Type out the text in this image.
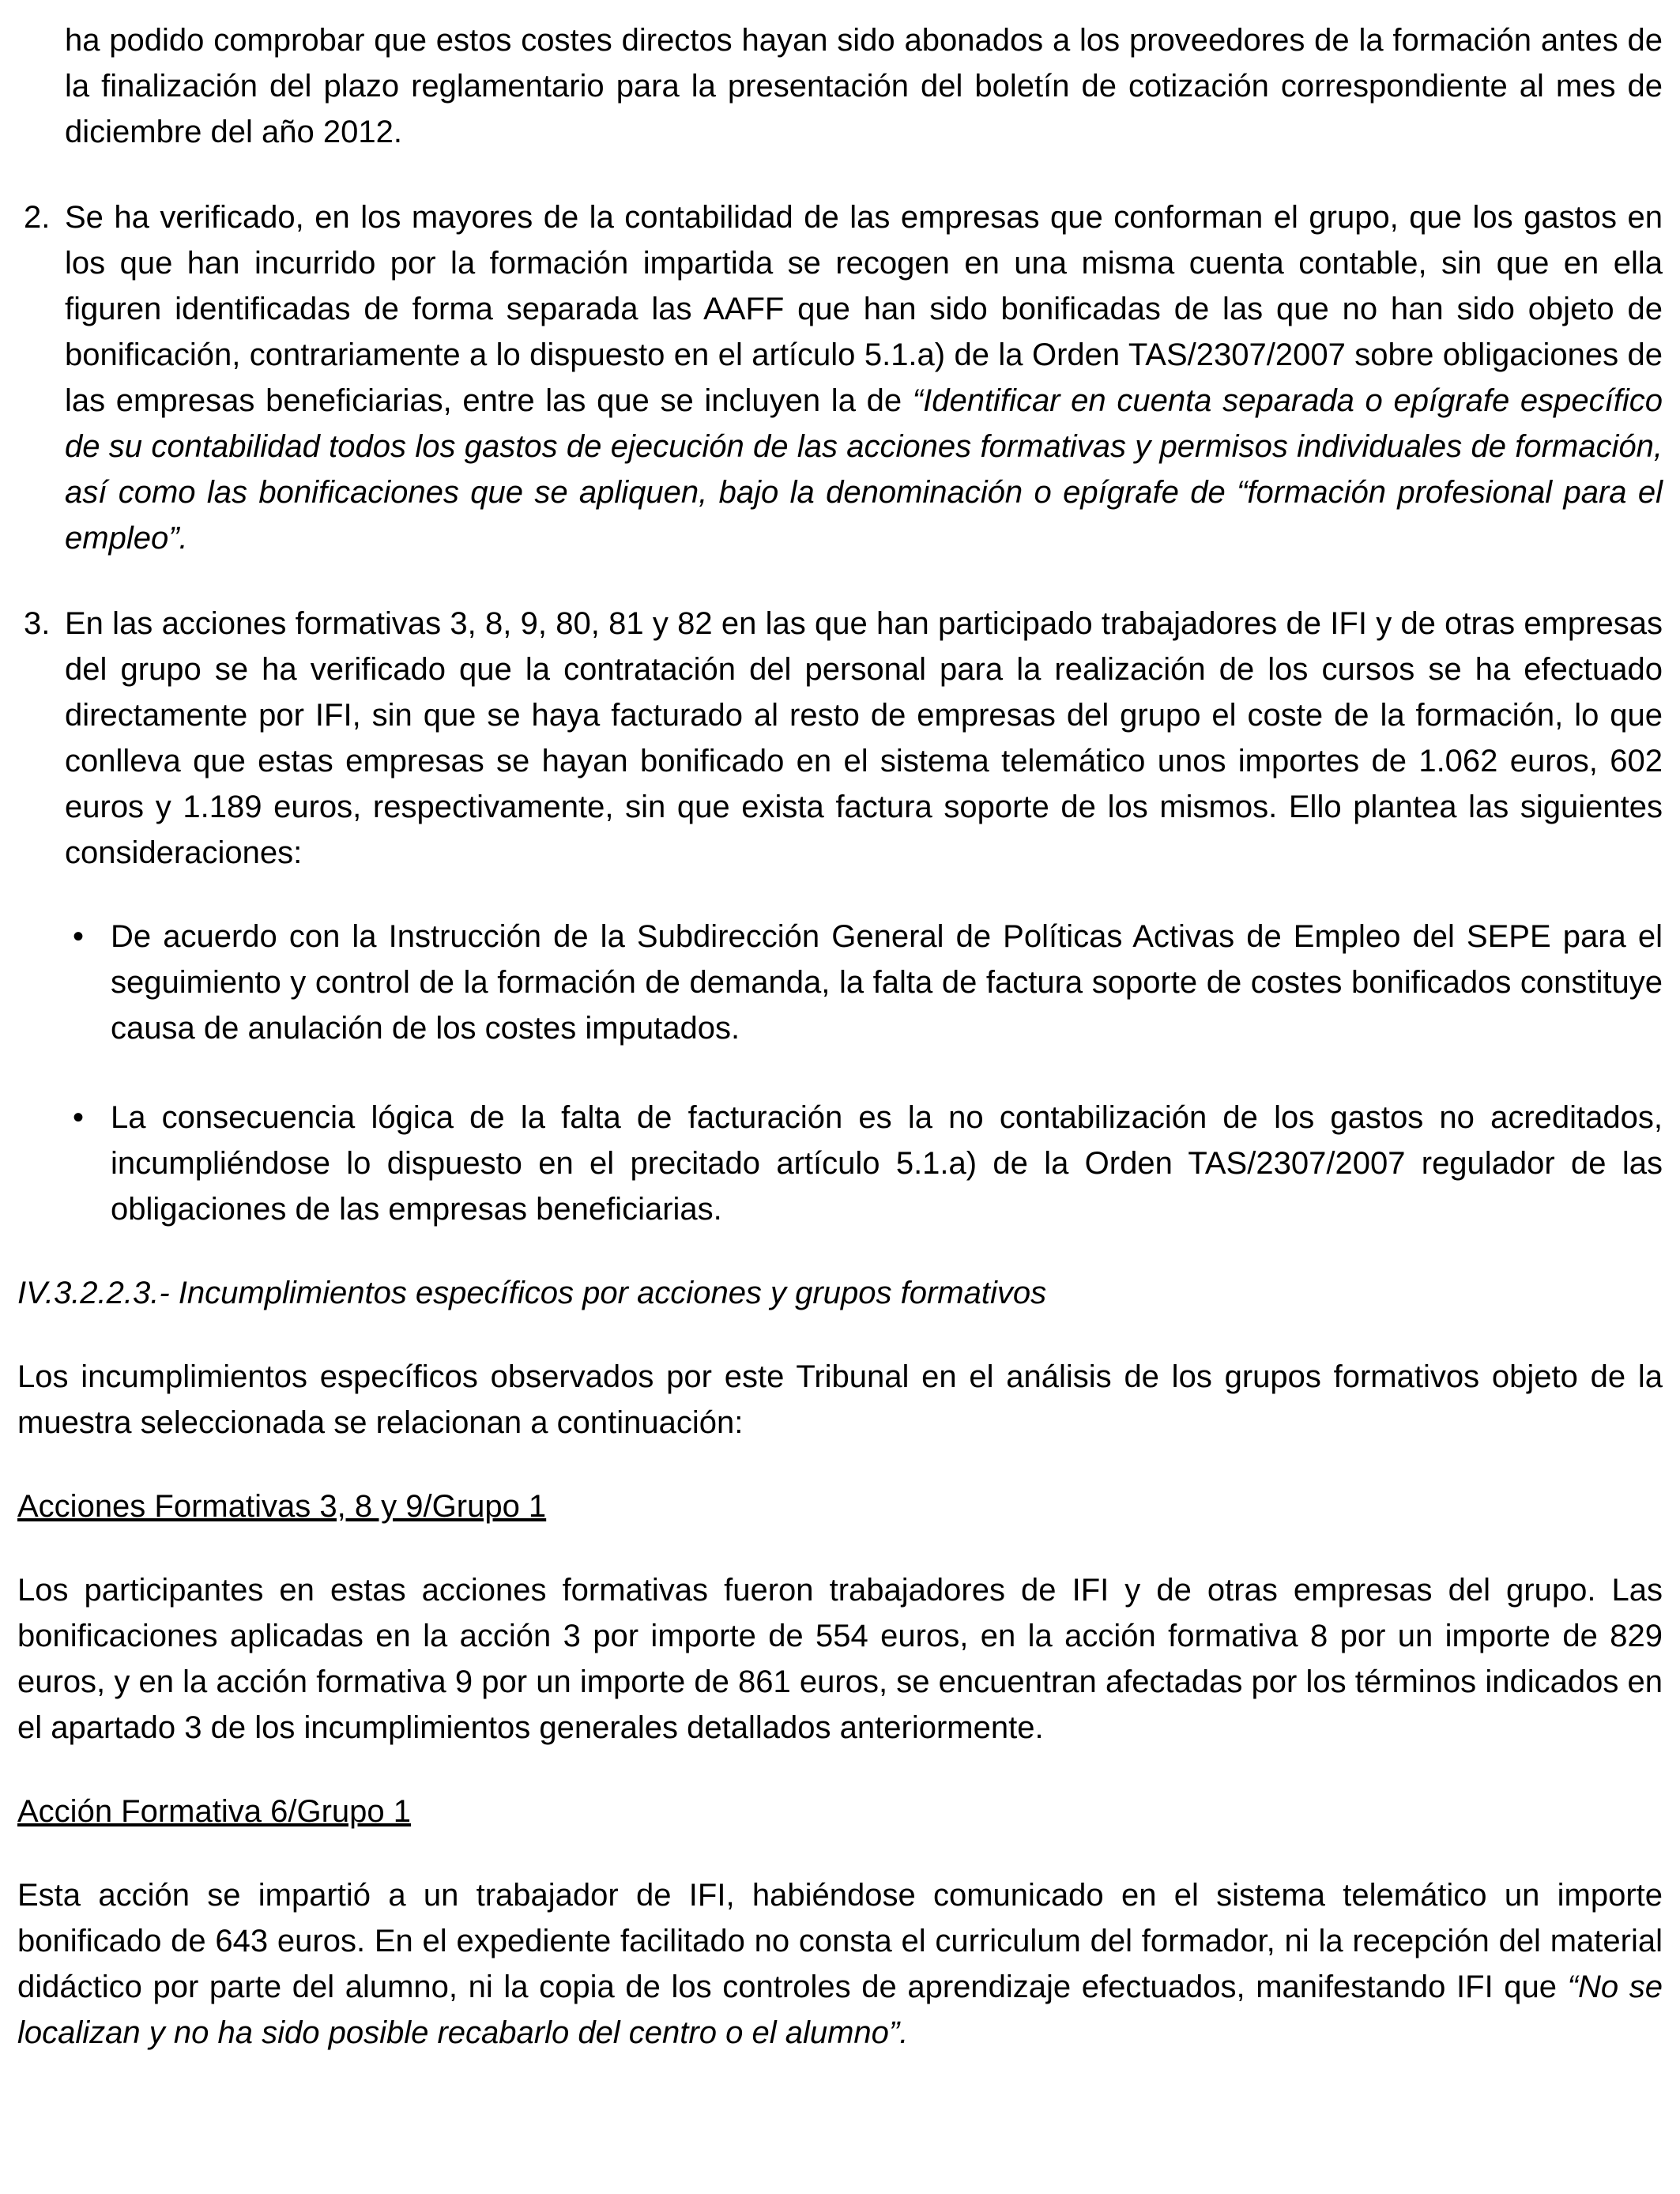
ha podido comprobar que estos costes directos hayan sido abonados a los proveedores de la formación antes de la finalización del plazo reglamentario para la presentación del boletín de cotización correspondiente al mes de diciembre del año 2012.

2. Se ha verificado, en los mayores de la contabilidad de las empresas que conforman el grupo, que los gastos en los que han incurrido por la formación impartida se recogen en una misma cuenta contable, sin que en ella figuren identificadas de forma separada las AAFF que han sido bonificadas de las que no han sido objeto de bonificación, contrariamente a lo dispuesto en el artículo 5.1.a) de la Orden TAS/2307/2007 sobre obligaciones de las empresas beneficiarias, entre las que se incluyen la de “Identificar en cuenta separada o epígrafe específico de su contabilidad todos los gastos de ejecución de las acciones formativas y permisos individuales de formación, así como las bonificaciones que se apliquen, bajo la denominación o epígrafe de “formación profesional para el empleo”.

3. En las acciones formativas 3, 8, 9, 80, 81 y 82 en las que han participado trabajadores de IFI y de otras empresas del grupo se ha verificado que la contratación del personal para la realización de los cursos se ha efectuado directamente por IFI, sin que se haya facturado al resto de empresas del grupo el coste de la formación, lo que conlleva que estas empresas se hayan bonificado en el sistema telemático unos importes de 1.062 euros, 602 euros y 1.189 euros, respectivamente, sin que exista factura soporte de los mismos. Ello plantea las siguientes consideraciones:

• De acuerdo con la Instrucción de la Subdirección General de Políticas Activas de Empleo del SEPE para el seguimiento y control de la formación de demanda, la falta de factura soporte de costes bonificados constituye causa de anulación de los costes imputados.

• La consecuencia lógica de la falta de facturación es la no contabilización de los gastos no acreditados, incumpliéndose lo dispuesto en el precitado artículo 5.1.a) de la Orden TAS/2307/2007 regulador de las obligaciones de las empresas beneficiarias.

IV.3.2.2.3.- Incumplimientos específicos por acciones y grupos formativos

Los incumplimientos específicos observados por este Tribunal en el análisis de los grupos formativos objeto de la muestra seleccionada se relacionan a continuación:

Acciones Formativas 3, 8 y 9/Grupo 1

Los participantes en estas acciones formativas fueron trabajadores de IFI y de otras empresas del grupo. Las bonificaciones aplicadas en la acción 3 por importe de 554 euros, en la acción formativa 8 por un importe de 829 euros, y en la acción formativa 9 por un importe de 861 euros, se encuentran afectadas por los términos indicados en el apartado 3 de los incumplimientos generales detallados anteriormente.

Acción Formativa 6/Grupo 1

Esta acción se impartió a un trabajador de IFI, habiéndose comunicado en el sistema telemático un importe bonificado de 643 euros. En el expediente facilitado no consta el curriculum del formador, ni la recepción del material didáctico por parte del alumno, ni la copia de los controles de aprendizaje efectuados, manifestando IFI que “No se localizan y no ha sido posible recabarlo del centro o el alumno”.
